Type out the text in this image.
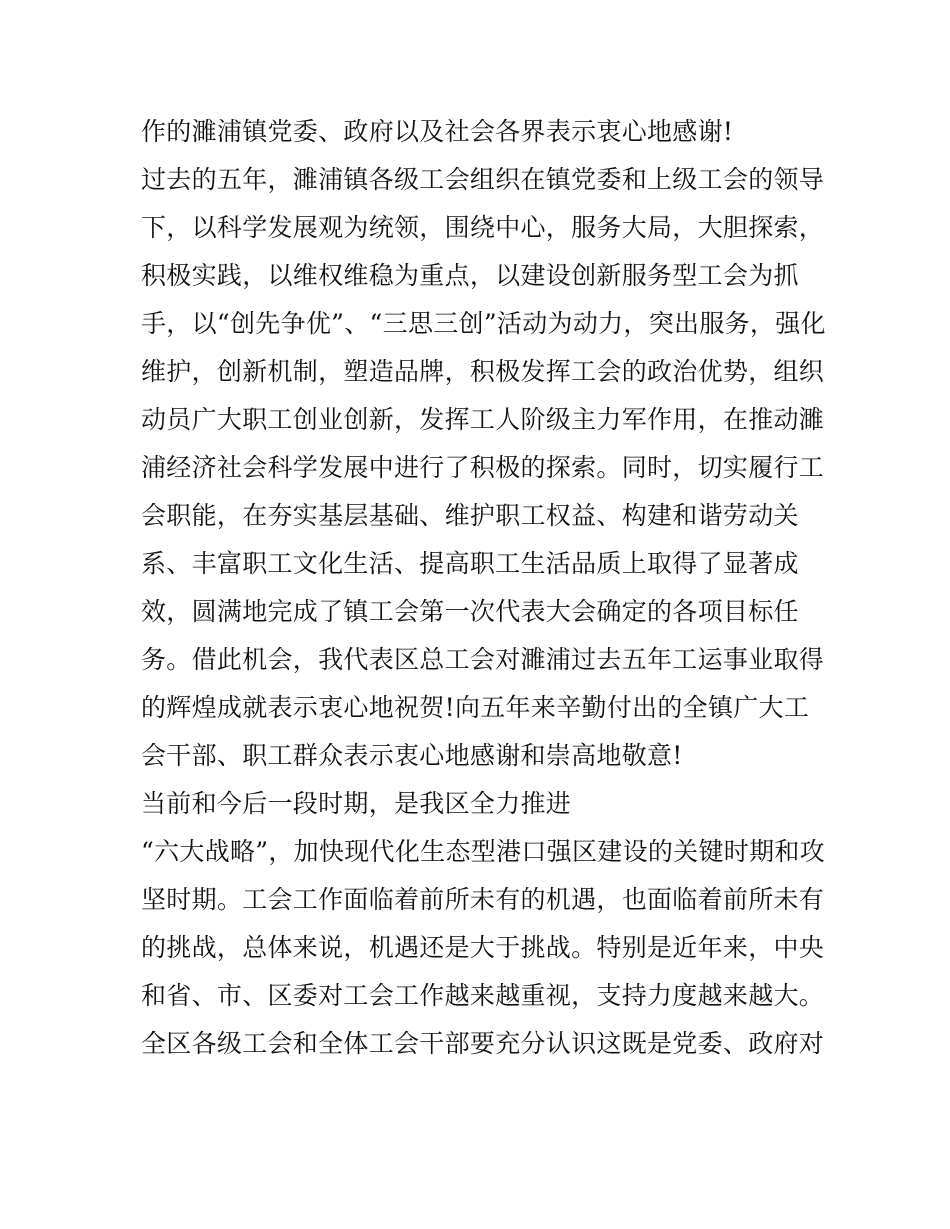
作的濉浦镇党委、政府以及社会各界表示衷心地感谢!
过去的五年，濉浦镇各级工会组织在镇党委和上级工会的领导
下，以科学发展观为统领，围绕中心，服务大局，大胆探索，
积极实践，以维权维稳为重点，以建设创新服务型工会为抓
手，以“创先争优”、“三思三创”活动为动力，突出服务，强化
维护，创新机制，塑造品牌，积极发挥工会的政治优势，组织
动员广大职工创业创新，发挥工人阶级主力军作用，在推动濉
浦经济社会科学发展中进行了积极的探索。同时，切实履行工
会职能，在夯实基层基础、维护职工权益、构建和谐劳动关
系、丰富职工文化生活、提高职工生活品质上取得了显著成
效，圆满地完成了镇工会第一次代表大会确定的各项目标任
务。借此机会，我代表区总工会对濉浦过去五年工运事业取得
的辉煌成就表示衷心地祝贺!向五年来辛勤付出的全镇广大工
会干部、职工群众表示衷心地感谢和崇高地敬意!
当前和今后一段时期，是我区全力推进
“六大战略”，加快现代化生态型港口强区建设的关键时期和攻
坚时期。工会工作面临着前所未有的机遇，也面临着前所未有
的挑战，总体来说，机遇还是大于挑战。特别是近年来，中央
和省、市、区委对工会工作越来越重视，支持力度越来越大。
全区各级工会和全体工会干部要充分认识这既是党委、政府对
